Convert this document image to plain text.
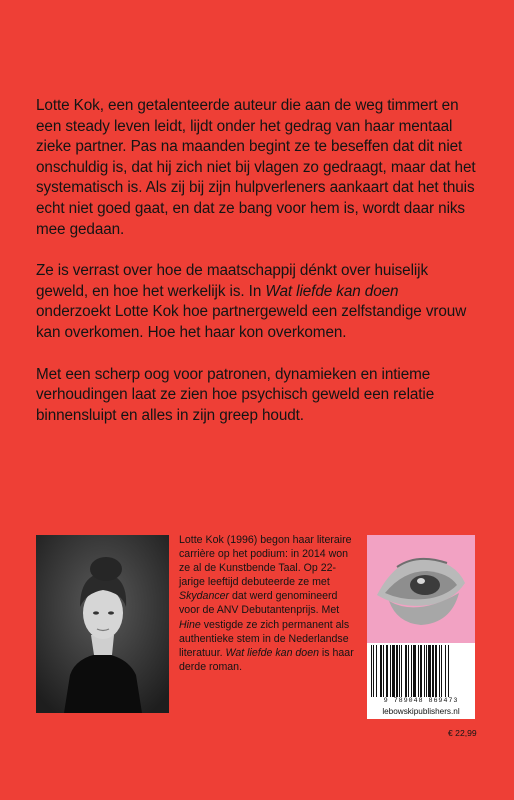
Lotte Kok, een getalenteerde auteur die aan de weg timmert en een steady leven leidt, lijdt onder het gedrag van haar mentaal zieke partner. Pas na maanden begint ze te beseffen dat dit niet onschuldig is, dat hij zich niet bij vlagen zo gedraagt, maar dat het systematisch is. Als zij bij zijn hulpverleners aankaart dat het thuis echt niet goed gaat, en dat ze bang voor hem is, wordt daar niks mee gedaan.

Ze is verrast over hoe de maatschappij dénkt over huiselijk geweld, en hoe het werkelijk is. In Wat liefde kan doen onderzoekt Lotte Kok hoe partnergeweld een zelfstandige vrouw kan overkomen. Hoe het haar kon overkomen.

Met een scherp oog voor patronen, dynamieken en intieme verhoudingen laat ze zien hoe psychisch geweld een relatie binnensluipt en alles in zijn greep houdt.

Lotte Kok (1996) begon haar literaire carrière op het podium: in 2014 won ze al de Kunstbende Taal. Op 22-jarige leeftijd debuteerde ze met Skydancer dat werd genomineerd voor de ANV Debutantenprijs. Met Hine vestigde ze zich permanent als authentieke stem in de Nederlandse literatuur. Wat liefde kan doen is haar derde roman.
9 789048 869473
lebowskipublishers.nl
€ 22,99
